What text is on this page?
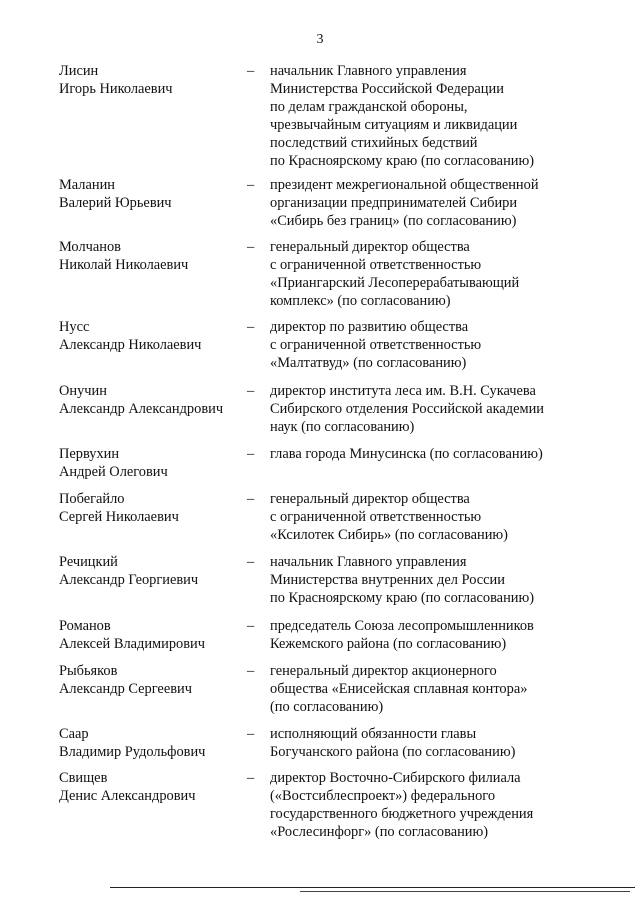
3
Лисин
Игорь Николаевич
– начальник Главного управления
Министерства Российской Федерации
по делам гражданской обороны,
чрезвычайным ситуациям и ликвидации
последствий стихийных бедствий
по Красноярскому краю (по согласованию)
Маланин
Валерий Юрьевич
– президент межрегиональной общественной
организации предпринимателей Сибири
«Сибирь без границ» (по согласованию)
Молчанов
Николай Николаевич
– генеральный директор общества
с ограниченной ответственностью
«Приангарский Лесоперерабатывающий
комплекс» (по согласованию)
Нусс
Александр Николаевич
– директор по развитию общества
с ограниченной ответственностью
«Малтатвуд» (по согласованию)
Онучин
Александр Александрович
– директор института леса им. В.Н. Сукачева
Сибирского отделения Российской академии
наук (по согласованию)
Первухин
Андрей Олегович
– глава города Минусинска (по согласованию)
Побегайло
Сергей Николаевич
– генеральный директор общества
с ограниченной ответственностью
«Ксилотек Сибирь» (по согласованию)
Речицкий
Александр Георгиевич
– начальник Главного управления
Министерства внутренних дел России
по Красноярскому краю (по согласованию)
Романов
Алексей Владимирович
– председатель Союза лесопромышленников
Кежемского района (по согласованию)
Рыбьяков
Александр Сергеевич
– генеральный директор акционерного
общества «Енисейская сплавная контора»
(по согласованию)
Саар
Владимир Рудольфович
– исполняющий обязанности главы
Богучанского района (по согласованию)
Свищев
Денис Александрович
– директор Восточно-Сибирского филиала
(«Востсиблеспроект») федерального
государственного бюджетного учреждения
«Рослесинфорг» (по согласованию)
